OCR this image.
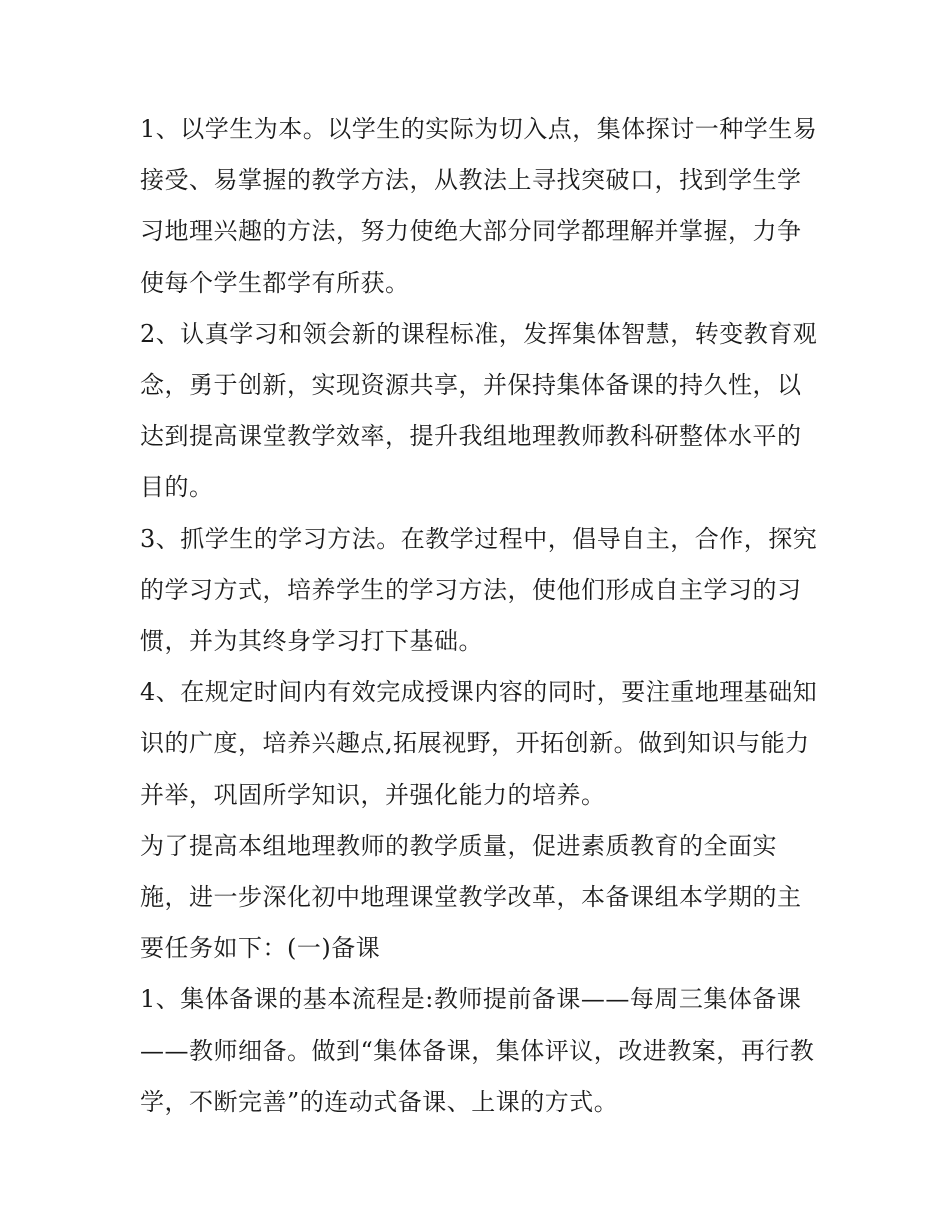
1、以学生为本。以学生的实际为切入点，集体探讨一种学生易接受、易掌握的教学方法，从教法上寻找突破口，找到学生学习地理兴趣的方法，努力使绝大部分同学都理解并掌握，力争使每个学生都学有所获。

2、认真学习和领会新的课程标准，发挥集体智慧，转变教育观念，勇于创新，实现资源共享，并保持集体备课的持久性，以达到提高课堂教学效率，提升我组地理教师教科研整体水平的目的。

3、抓学生的学习方法。在教学过程中，倡导自主，合作，探究的学习方式，培养学生的学习方法，使他们形成自主学习的习惯，并为其终身学习打下基础。

4、在规定时间内有效完成授课内容的同时，要注重地理基础知识的广度，培养兴趣点,拓展视野，开拓创新。做到知识与能力并举，巩固所学知识，并强化能力的培养。

为了提高本组地理教师的教学质量，促进素质教育的全面实施，进一步深化初中地理课堂教学改革，本备课组本学期的主要任务如下：(一)备课

1、集体备课的基本流程是:教师提前备课——每周三集体备课——教师细备。做到“集体备课，集体评议，改进教案，再行教学，不断完善”的连动式备课、上课的方式。
